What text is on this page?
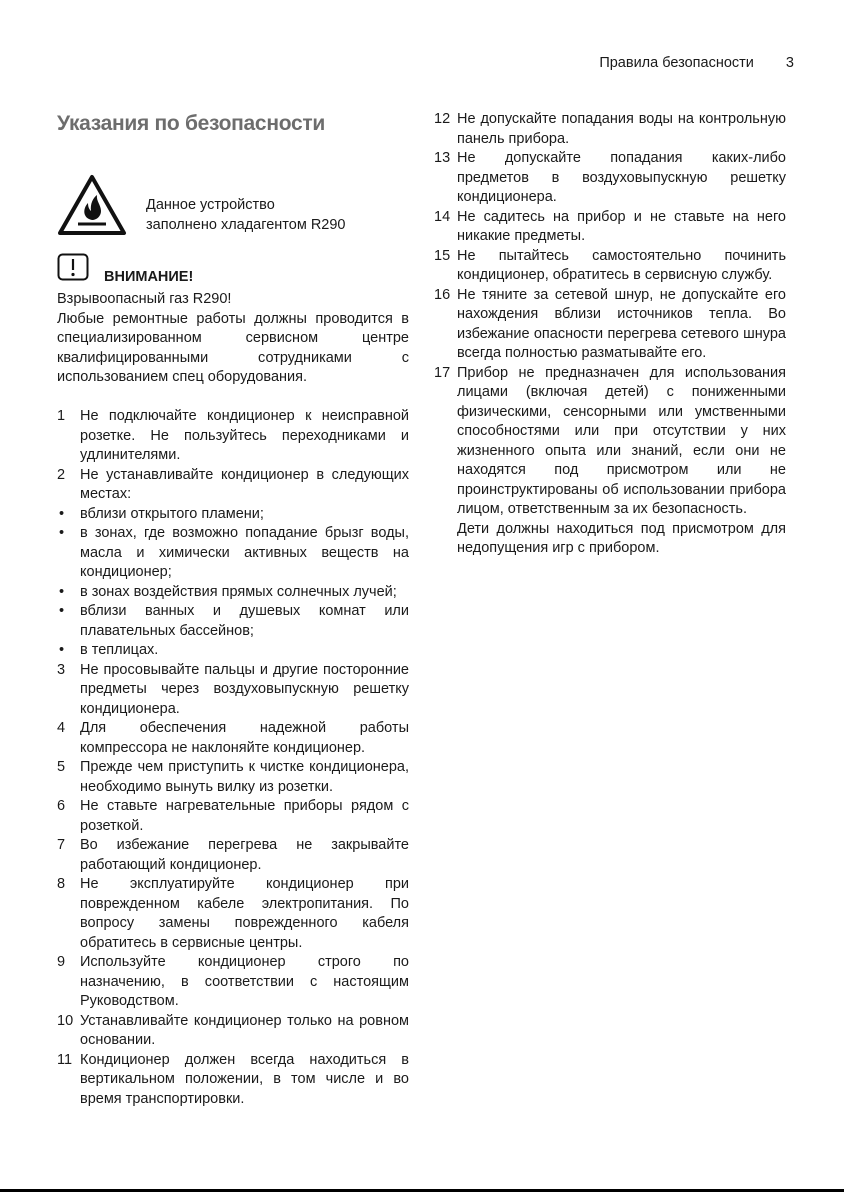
Правила безопасности 3
Указания по безопасности
Данное устройство
заполнено хладагентом R290
ВНИМАНИЕ!

Взрывоопасный газ R290!

Любые ремонтные работы должны проводится в специализированном сервисном центре квалифицированными сотрудниками с использованием спец оборудования.

1 Не подключайте кондиционер к неисправной розетке. Не пользуйтесь переходниками и удлинителями.

2 Не устанавливайте кондиционер в следующих местах:

• вблизи открытого пламени;

• в зонах, где возможно попадание брызг воды, масла и химически активных веществ на кондиционер;

• в зонах воздействия прямых солнечных лучей;

• вблизи ванных и душевых комнат или плавательных бассейнов;

• в теплицах.

3 Не просовывайте пальцы и другие посторонние предметы через воздуховыпускную решетку кондиционера.

4 Для обеспечения надежной работы компрессора не наклоняйте кондиционер.

5 Прежде чем приступить к чистке кондиционера, необходимо вынуть вилку из розетки.

6 Не ставьте нагревательные приборы рядом с розеткой.

7 Во избежание перегрева не закрывайте работающий кондиционер.

8 Не эксплуатируйте кондиционер при поврежденном кабеле электропитания. По вопросу замены поврежденного кабеля обратитесь в сервисные центры.

9 Используйте кондиционер строго по назначению, в соответствии с настоящим Руководством.

10 Устанавливайте кондиционер только на ровном основании.

11 Кондиционер должен всегда находиться в вертикальном положении, в том числе и во время транспортировки.

12 Не допускайте попадания воды на контрольную панель прибора.

13 Не допускайте попадания каких-либо предметов в воздуховыпускную решетку кондиционера.

14 Не садитесь на прибор и не ставьте на него никакие предметы.

15 Не пытайтесь самостоятельно починить кондиционер, обратитесь в сервисную службу.

16 Не тяните за сетевой шнур, не допускайте его нахождения вблизи источников тепла. Во избежание опасности перегрева сетевого шнура всегда полностью разматывайте его.

17 Прибор не предназначен для использования лицами (включая детей) с пониженными физическими, сенсорными или умственными способностями или при отсутствии у них жизненного опыта или знаний, если они не находятся под присмотром или не проинструктированы об использовании прибора лицом, ответственным за их безопасность.

Дети должны находиться под присмотром для недопущения игр с прибором.
